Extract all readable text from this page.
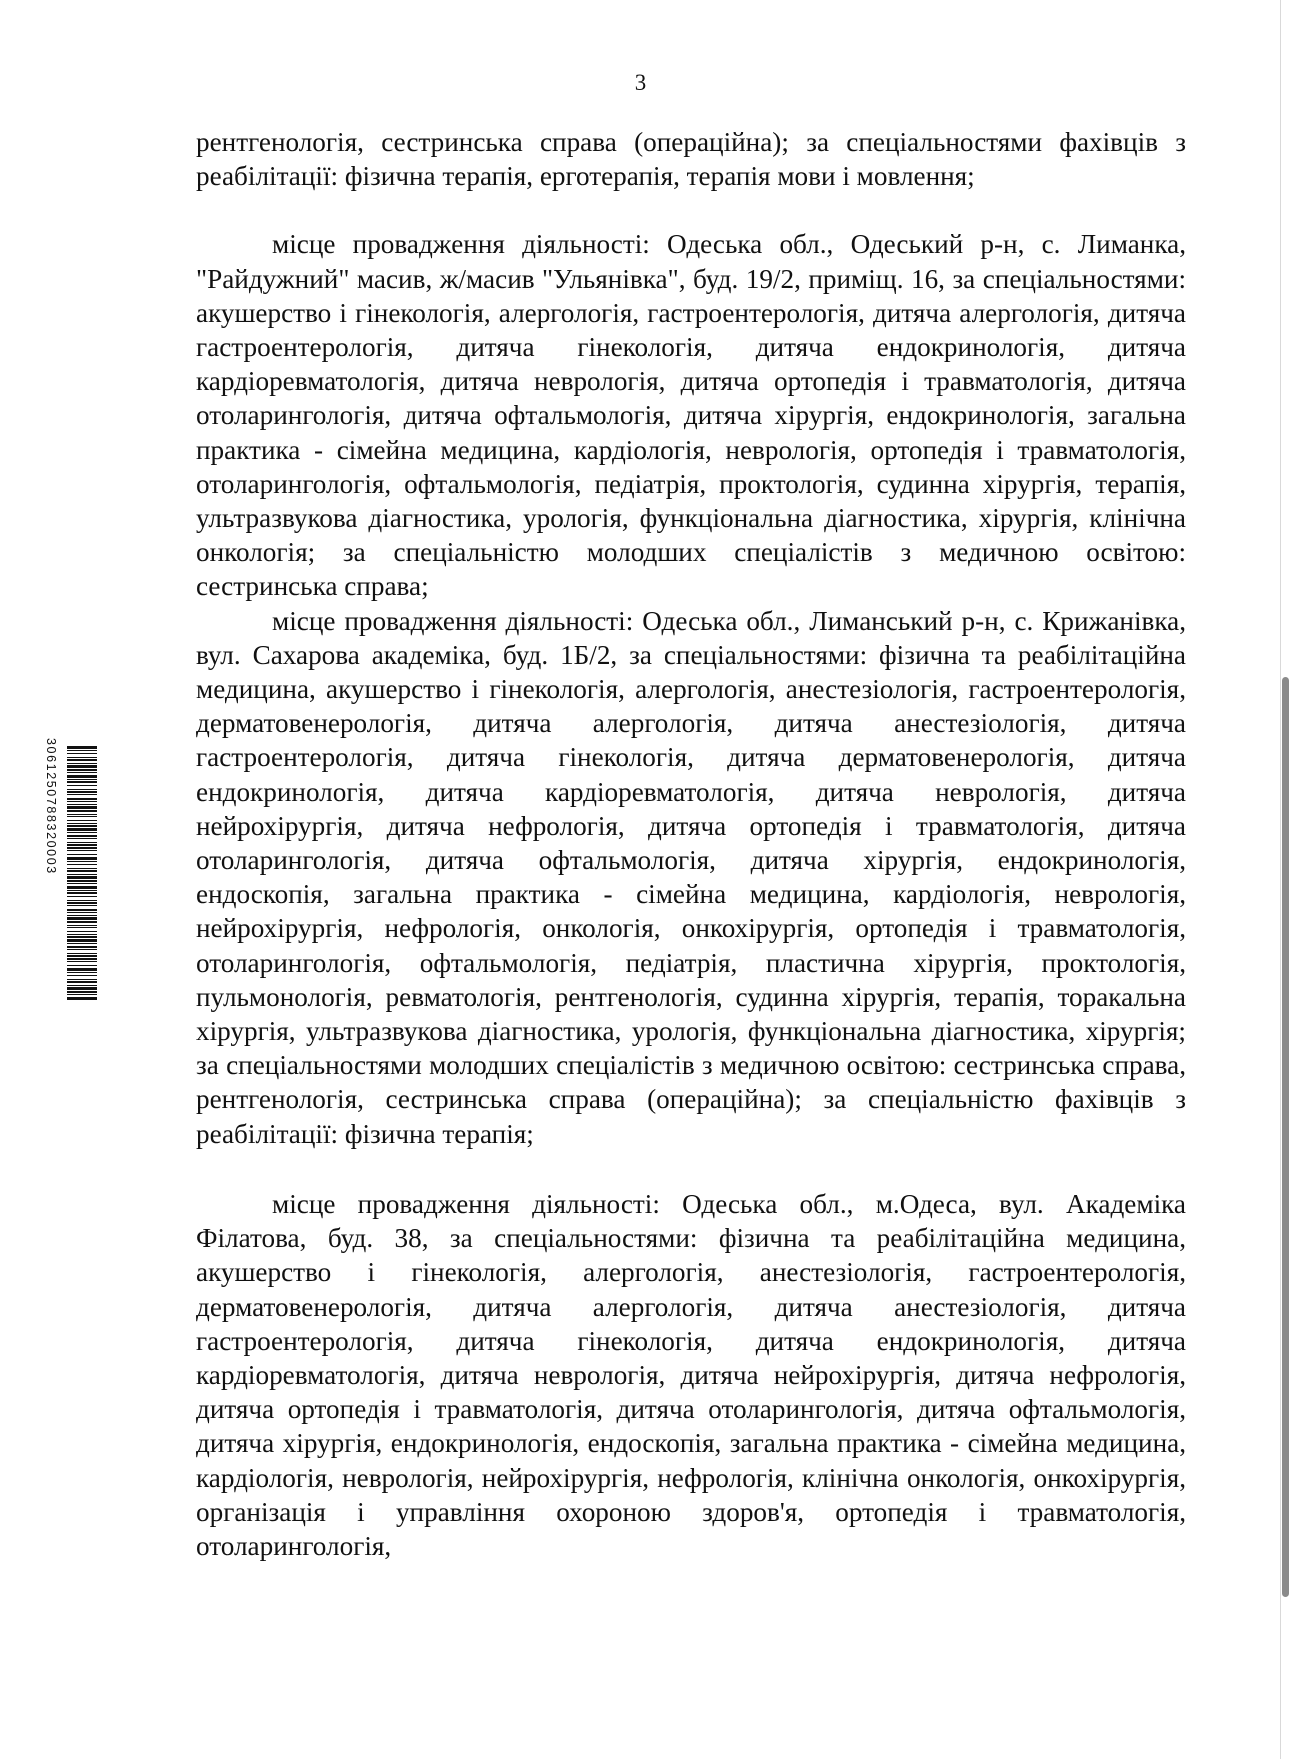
3
3061250788320003

рентгенологія, сестринська справа (операційна); за спеціальностями фахівців з реабілітації: фізична терапія, ерготерапія, терапія мови і мовлення;

місце провадження діяльності: Одеська обл., Одеський р-н, с. Лиманка, "Райдужний" масив, ж/масив "Ульянівка", буд. 19/2, приміщ. 16, за спеціальностями: акушерство і гінекологія, алергологія, гастроентерологія, дитяча алергологія, дитяча гастроентерологія, дитяча гінекологія, дитяча ендокринологія, дитяча кардіоревматологія, дитяча неврологія, дитяча ортопедія і травматологія, дитяча отоларингологія, дитяча офтальмологія, дитяча хірургія, ендокринологія, загальна практика - сімейна медицина, кардіологія, неврологія, ортопедія і травматологія, отоларингологія, офтальмологія, педіатрія, проктологія, судинна хірургія, терапія, ультразвукова діагностика, урологія, функціональна діагностика, хірургія, клінічна онкологія; за спеціальністю молодших спеціалістів з медичною освітою: сестринська справа;

місце провадження діяльності: Одеська обл., Лиманський р-н, с. Крижанівка, вул. Сахарова академіка, буд. 1Б/2, за спеціальностями: фізична та реабілітаційна медицина, акушерство і гінекологія, алергологія, анестезіологія, гастроентерологія, дерматовенерологія, дитяча алергологія, дитяча анестезіологія, дитяча гастроентерологія, дитяча гінекологія, дитяча дерматовенерологія, дитяча ендокринологія, дитяча кардіоревматологія, дитяча неврологія, дитяча нейрохірургія, дитяча нефрологія, дитяча ортопедія і травматологія, дитяча отоларингологія, дитяча офтальмологія, дитяча хірургія, ендокринологія, ендоскопія, загальна практика - сімейна медицина, кардіологія, неврологія, нейрохірургія, нефрологія, онкологія, онкохірургія, ортопедія і травматологія, отоларингологія, офтальмологія, педіатрія, пластична хірургія, проктологія, пульмонологія, ревматологія, рентгенологія, судинна хірургія, терапія, торакальна хірургія, ультразвукова діагностика, урологія, функціональна діагностика, хірургія; за спеціальностями молодших спеціалістів з медичною освітою: сестринська справа, рентгенологія, сестринська справа (операційна); за спеціальністю фахівців з реабілітації: фізична терапія;

місце провадження діяльності: Одеська обл., м.Одеса, вул. Академіка Філатова, буд. 38, за спеціальностями: фізична та реабілітаційна медицина, акушерство і гінекологія, алергологія, анестезіологія, гастроентерологія, дерматовенерологія, дитяча алергологія, дитяча анестезіологія, дитяча гастроентерологія, дитяча гінекологія, дитяча ендокринологія, дитяча кардіоревматологія, дитяча неврологія, дитяча нейрохірургія, дитяча нефрологія, дитяча ортопедія і травматологія, дитяча отоларингологія, дитяча офтальмологія, дитяча хірургія, ендокринологія, ендоскопія, загальна практика - сімейна медицина, кардіологія, неврологія, нейрохірургія, нефрологія, клінічна онкологія, онкохірургія, організація і управління охороною здоров'я, ортопедія і травматологія, отоларингологія,
